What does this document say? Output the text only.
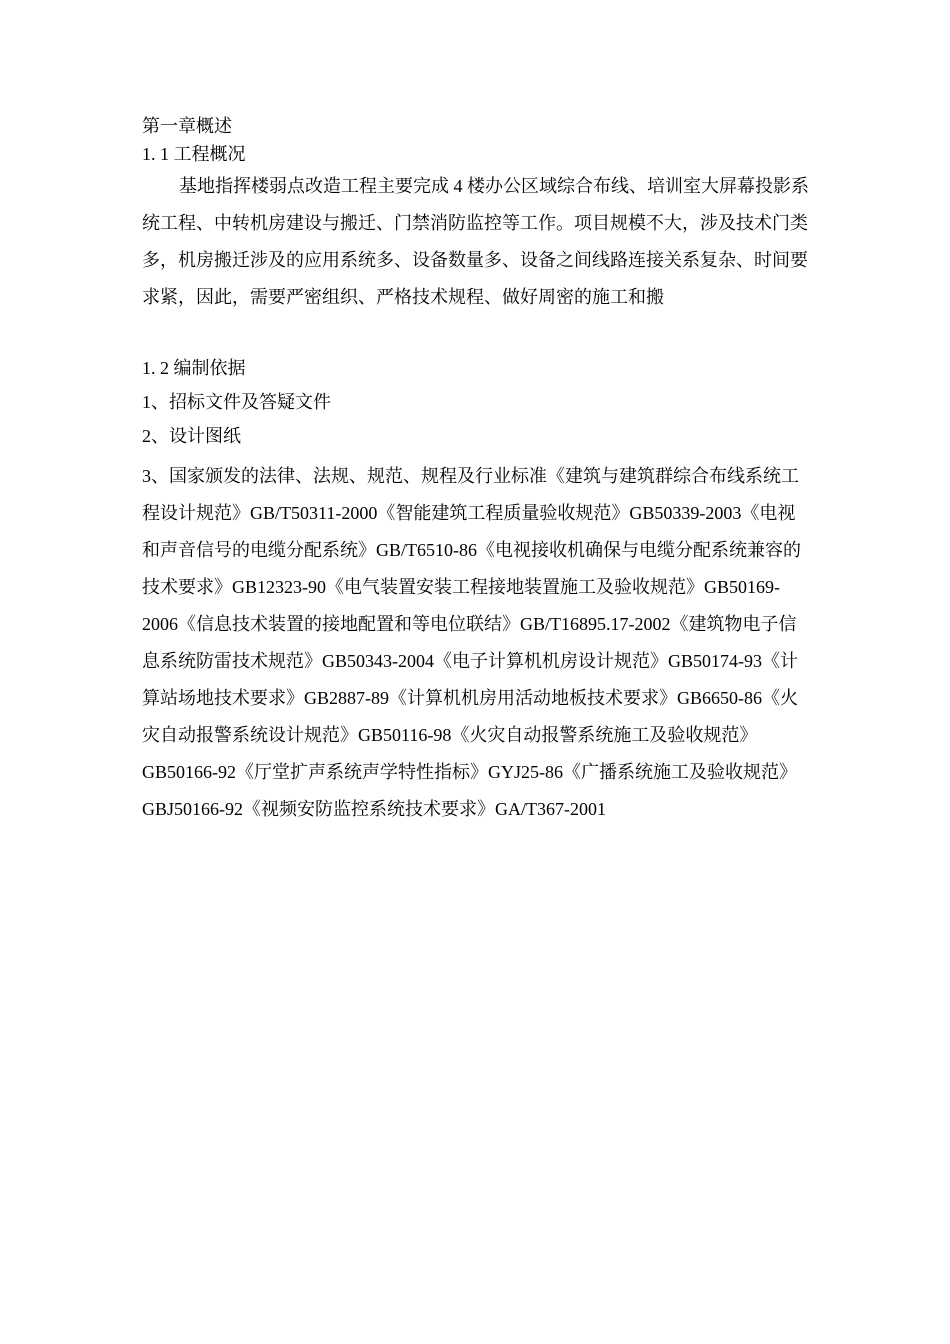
第一章概述

1. 1 工程概况

基地指挥楼弱点改造工程主要完成 4 楼办公区域综合布线、培训室大屏幕投影系统工程、中转机房建设与搬迁、门禁消防监控等工作。项目规模不大，涉及技术门类多，机房搬迁涉及的应用系统多、设备数量多、设备之间线路连接关系复杂、时间要求紧，因此，需要严密组织、严格技术规程、做好周密的施工和搬

1. 2 编制依据

1、招标文件及答疑文件

2、设计图纸

3、国家颁发的法律、法规、规范、规程及行业标准《建筑与建筑群综合布线系统工程设计规范》GB/T50311-2000《智能建筑工程质量验收规范》GB50339-2003《电视和声音信号的电缆分配系统》GB/T6510-86《电视接收机确保与电缆分配系统兼容的技术要求》GB12323-90《电气装置安装工程接地装置施工及验收规范》GB50169-2006《信息技术装置的接地配置和等电位联结》GB/T16895.17-2002《建筑物电子信息系统防雷技术规范》GB50343-2004《电子计算机机房设计规范》GB50174-93《计算站场地技术要求》GB2887-89《计算机机房用活动地板技术要求》GB6650-86《火灾自动报警系统设计规范》GB50116-98《火灾自动报警系统施工及验收规范》GB50166-92《厅堂扩声系统声学特性指标》GYJ25-86《广播系统施工及验收规范》GBJ50166-92《视频安防监控系统技术要求》GA/T367-2001
